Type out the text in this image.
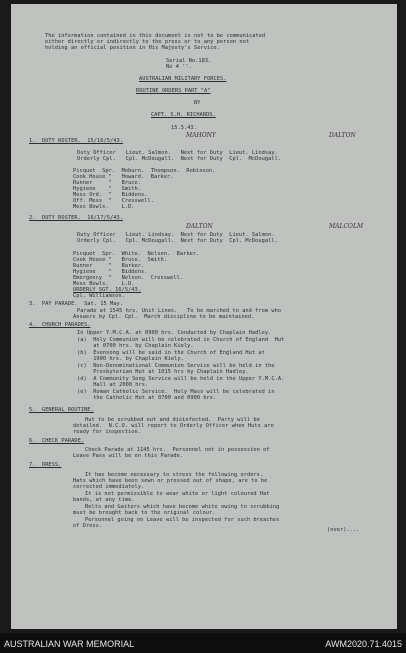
The information contained in this document is not to be communicated
either directly or indirectly to the press or to any person not
holding an official position in His Majesty's Service.
Serial No.183.
No 4 ''.
AUSTRALIAN MILITARY FORCES.
ROUTINE ORDERS PART "A"
BY
CAPT. S.H. RICHARDS.
15.5.43.
1.  DUTY ROSTER.  15/16/5/43.
MAHONY	DALTON
Duty Officer   Lieut. Salmon.   Next for Duty  Lieut. Lindsay.
Orderly Cpl.   Cpl. McDougall.  Next for Duty  Cpl.  McDougall.
Picquet  Spr.  Moburn.  Thompson.  Robinson.
Cook House "   Howard.  Barker.
Runner     "   Bruce.
Hygiene    "   Smith.
Mess Ord.  "   Biddens.
Off. Mess  "   Cresswell.
Mess Bowls.    L.D.
2.  DUTY ROSTER.  16/17/5/43.
DALTON	MALCOLM
Duty Officer   Lieut. Lindsay.  Next for Duty  Lieut. Salmon.
Orderly Cpl.   Cpl. McDougall.  Next for Duty  Cpl. McDougall.
Picquet  Spr.  White.  Nelson.  Barker.
Cook House "   Bruce.  Smith.
Runner     "   Barker.
Hygiene    "   Biddens.
Emergency  "   Nelson.  Cresswell.
Mess Bowls.    L.D.
ORDERLY SGT. 16/5/43.
Cpl. Williamson.
3.  PAY PARADE.  Sat. 15 May.
Parade at 1545 hrs. Unit Lines.   To be marched to and from who
Answers by Cpl. Cpl.  March discipline to be maintained.
4.  CHURCH PARADES.
In Upper Y.M.C.A. at 0900 hrs. Conducted by Chaplain Hadley.
(a)  Holy Communion will be celebrated in Church of England  Hut
at 0700 hrs. by Chaplain Kiely.
(b)  Evensong will be said in the Church of England Hut at
1900 hrs. by Chaplain Kiely.
(c)  Non-Denominational Communion Service will be held in the
Presbyterian Hut at 1015 hrs by Chaplain Hadley.
(d)  A Community Song Service will be held in the Upper Y.M.C.A.
Hall at 2000 hrs.
(e)  Roman Catholic Service.  Holy Mass will be celebrated in
the Catholic Hut at 0700 and 0900 hrs.
5.  GENERAL ROUTINE.
Hut to be scrubbed out and disinfected.  Party will be
detailed.  N.C.O. will report to Orderly Officer when Huts are
ready for inspection.
6.  CHECK PARADE.
Check Parade at 1145 hrs.  Personnel not in possession of
Leave Pass will be on this Parade.
7.  DRESS.
It has become necessary to stress the following orders.
Hats which have been sewn or pressed out of shape, are to be
corrected immediately.
It is not permissible to wear white or light coloured Hat
bands, at any time.
Belts and Gaiters which have become white owing to scrubbing
must be brought back to the original colour.
Personnel going on Leave will be inspected for such breaches
of Dress.
(over)....
AUSTRALIAN WAR MEMORIAL	AWM2020.71.4015
